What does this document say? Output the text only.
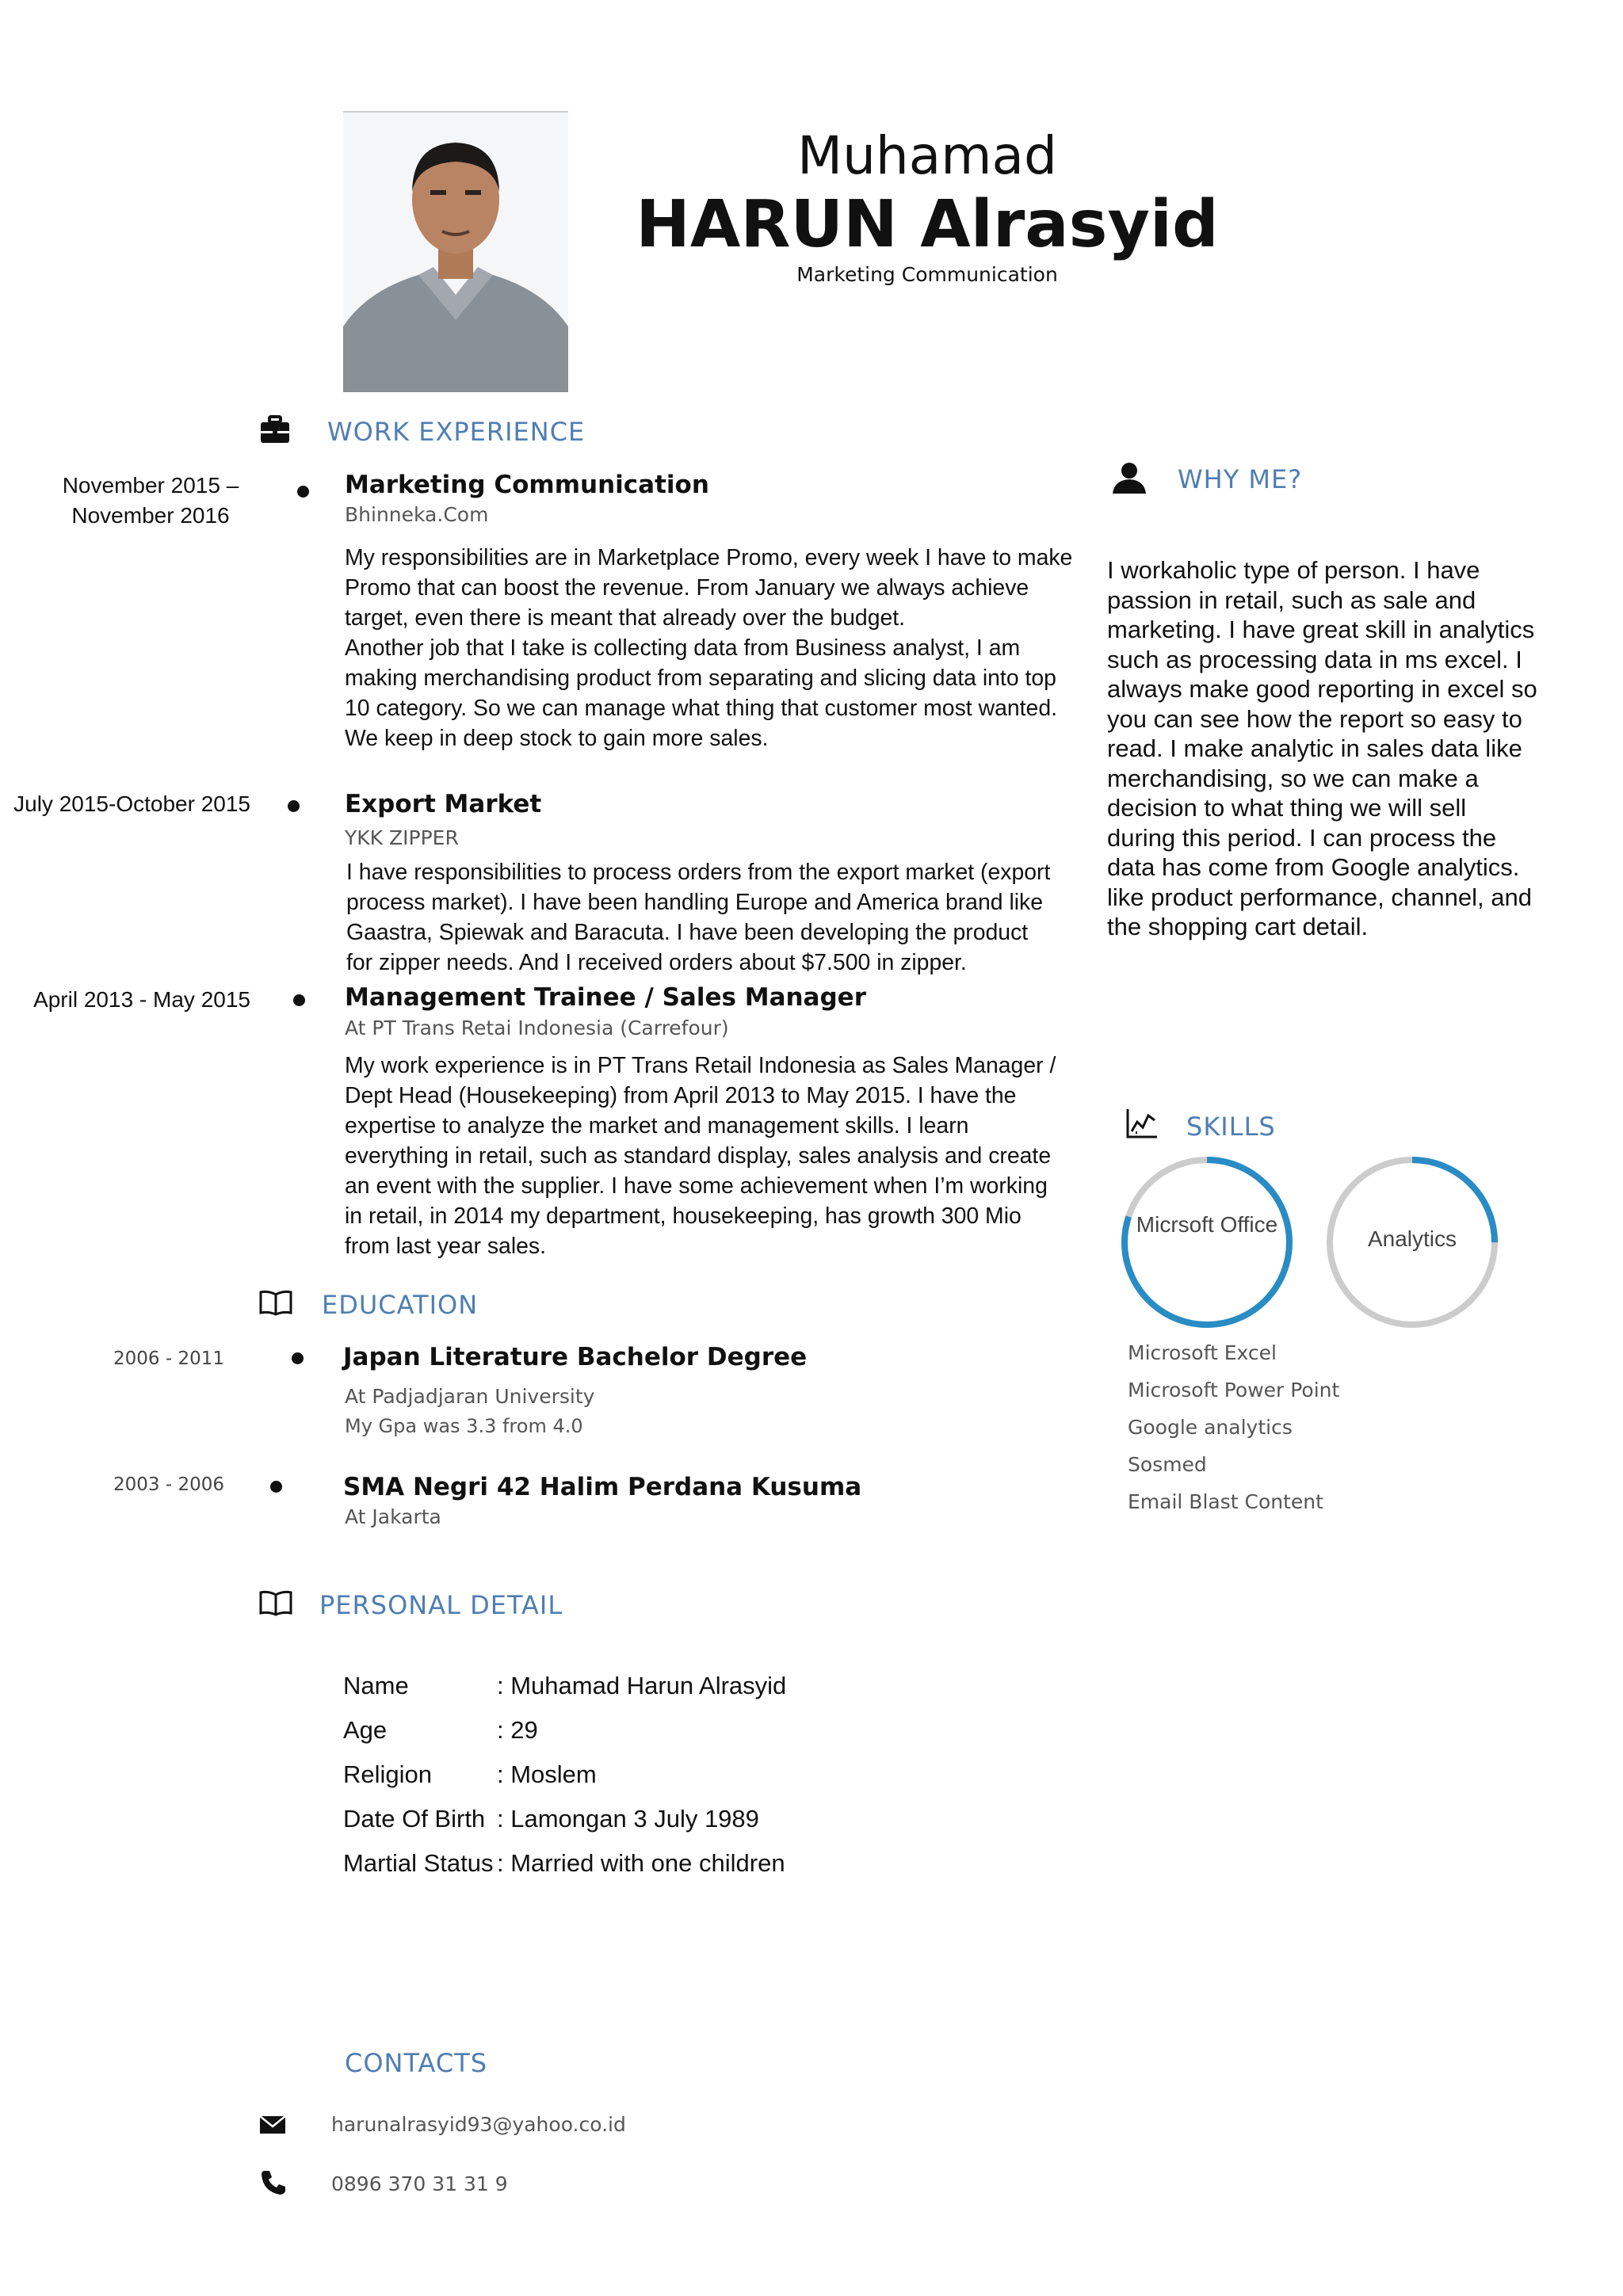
Muhamad
HARUN Alrasyid
Marketing Communication
WORK EXPERIENCE
November 2015 –
November 2016
Marketing Communication
Bhinneka.Com
My responsibilities are in Marketplace Promo, every week I have to make Promo that can boost the revenue. From January we always achieve target, even there is meant that already over the budget.
Another job that I take is collecting data from Business analyst, I am making merchandising product from separating and slicing data into top 10 category. So we can manage what thing that customer most wanted. We keep in deep stock to gain more sales.
July 2015-October 2015	Export Market
YKK ZIPPER
I have responsibilities to process orders from the export market (export process market). I have been handling Europe and America brand like Gaastra, Spiewak and Baracuta. I have been developing the product for zipper needs. And I received orders about $7.500 in zipper.
April 2013 - May 2015	Management Trainee / Sales Manager
At PT Trans Retai Indonesia (Carrefour)
My work experience is in PT Trans Retail Indonesia as Sales Manager / Dept Head (Housekeeping) from April 2013 to May 2015. I have the expertise to analyze the market and management skills. I learn everything in retail, such as standard display, sales analysis and create an event with the supplier. I have some achievement when I’m working in retail, in 2014 my department, housekeeping, has growth 300 Mio from last year sales.
EDUCATION
2006 - 2011	Japan Literature Bachelor Degree
At Padjadjaran University
My Gpa was 3.3 from 4.0
2003 - 2006	SMA Negri 42 Halim Perdana Kusuma
At Jakarta
PERSONAL DETAIL
Name	: Muhamad Harun Alrasyid
Age	: 29
Religion	: Moslem
Date Of Birth : Lamongan 3 July 1989
Martial Status : Married with one children
CONTACTS
harunalrasyid93@yahoo.co.id
0896 370 31 31 9
WHY ME?
I workaholic type of person. I have passion in retail, such as sale and marketing. I have great skill in analytics such as processing data in ms excel. I always make good reporting in excel so you can see how the report so easy to read. I make analytic in sales data like merchandising, so we can make a decision to what thing we will sell during this period. I can process the data has come from Google analytics. like product performance, channel, and the shopping cart detail.
SKILLS
Micrsoft Office
Analytics
Microsoft Excel
Microsoft Power Point
Google analytics
Sosmed
Email Blast Content
